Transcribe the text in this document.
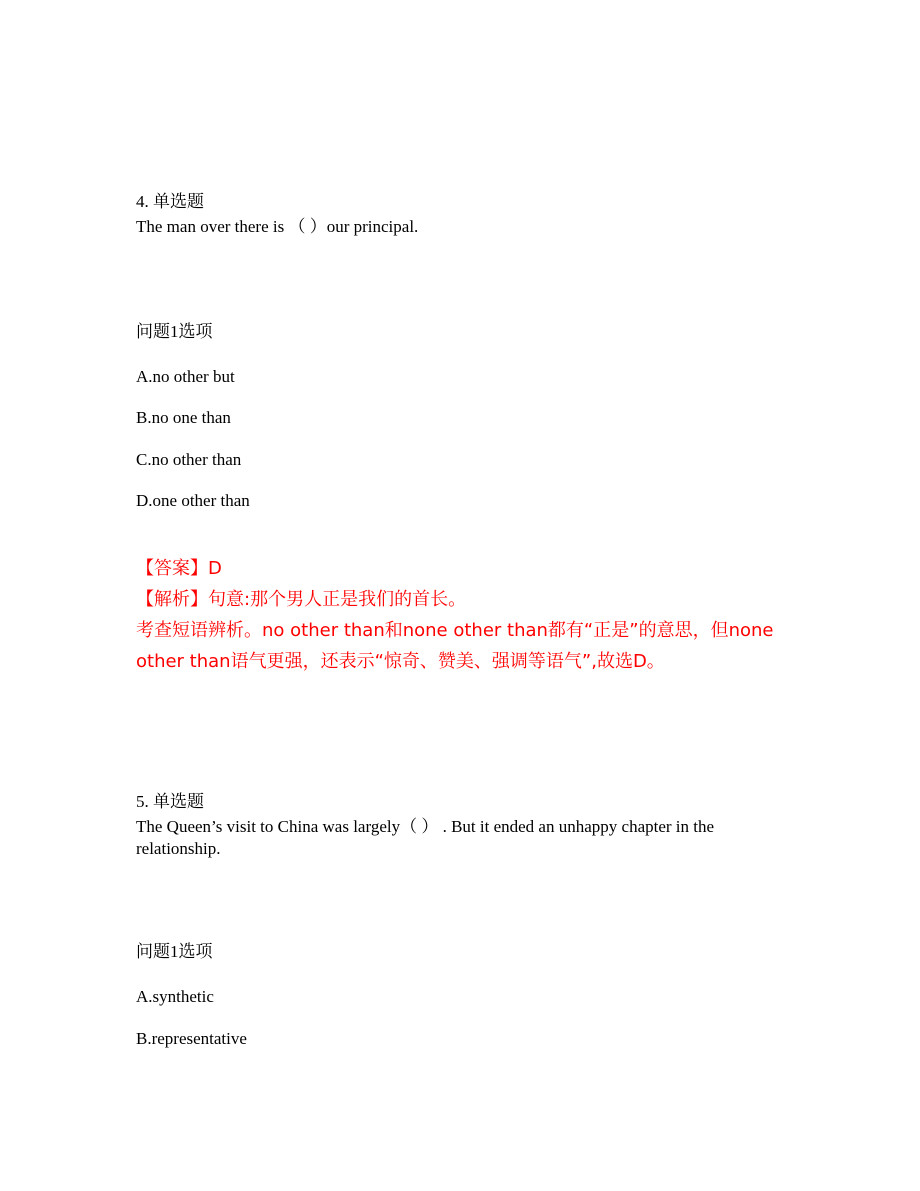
4. 单选题
The man over there is （ ）our principal.
问题1选项
A.no other but
B.no one than
C.no other than
D.one other than
【答案】D
【解析】句意:那个男人正是我们的首长。
考查短语辨析。no other than和none other than都有“正是”的意思，但none other than语气更强，还表示“惊奇、赞美、强调等语气”,故选D。
5. 单选题
The Queen’s visit to China was largely（ ） . But it ended an unhappy chapter in the relationship.
问题1选项
A.synthetic
B.representative
